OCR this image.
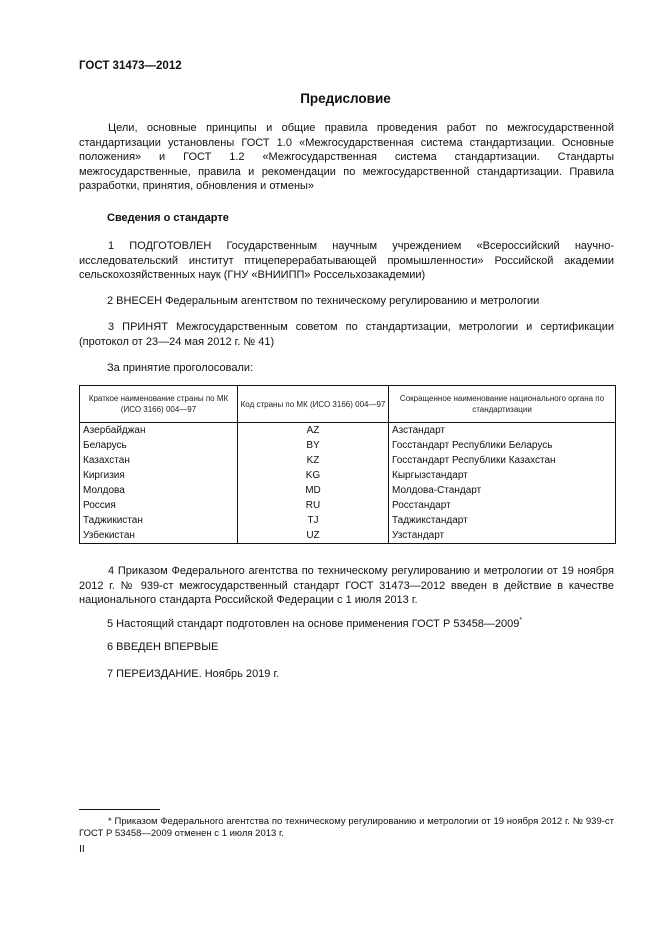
ГОСТ 31473—2012
Предисловие
Цели, основные принципы и общие правила проведения работ по межгосударственной стандартизации установлены ГОСТ 1.0 «Межгосударственная система стандартизации. Основные положения» и ГОСТ 1.2 «Межгосударственная система стандартизации. Стандарты межгосударственные, правила и рекомендации по межгосударственной стандартизации. Правила разработки, принятия, обновления и отмены»
Сведения о стандарте
1 ПОДГОТОВЛЕН Государственным научным учреждением «Всероссийский научно-исследовательский институт птицеперерабатывающей промышленности» Российской академии сельскохозяйственных наук (ГНУ «ВНИИПП» Россельхозакадемии)
2 ВНЕСЕН Федеральным агентством по техническому регулированию и метрологии
3 ПРИНЯТ Межгосударственным советом по стандартизации, метрологии и сертификации (протокол от 23—24 мая 2012 г. № 41)
За принятие проголосовали:
Краткое наименование страны по МК (ИСО 3166) 004—97	Код страны по МК (ИСО 3166) 004—97	Сокращенное наименование национального органа по стандартизации
Азербайджан	AZ	Азстандарт
Беларусь	BY	Госстандарт Республики Беларусь
Казахстан	KZ	Госстандарт Республики Казахстан
Киргизия	KG	Кыргызстандарт
Молдова	MD	Молдова-Стандарт
Россия	RU	Росстандарт
Таджикистан	TJ	Таджикстандарт
Узбекистан	UZ	Узстандарт
4 Приказом Федерального агентства по техническому регулированию и метрологии от 19 ноября 2012 г. № 939-ст межгосударственный стандарт ГОСТ 31473—2012 введен в действие в качестве национального стандарта Российской Федерации с 1 июля 2013 г.
5 Настоящий стандарт подготовлен на основе применения ГОСТ Р 53458—2009*
6 ВВЕДЕН ВПЕРВЫЕ
7 ПЕРЕИЗДАНИЕ. Ноябрь 2019 г.
* Приказом Федерального агентства по техническому регулированию и метрологии от 19 ноября 2012 г. № 939-ст ГОСТ Р 53458—2009 отменен с 1 июля 2013 г.
II
